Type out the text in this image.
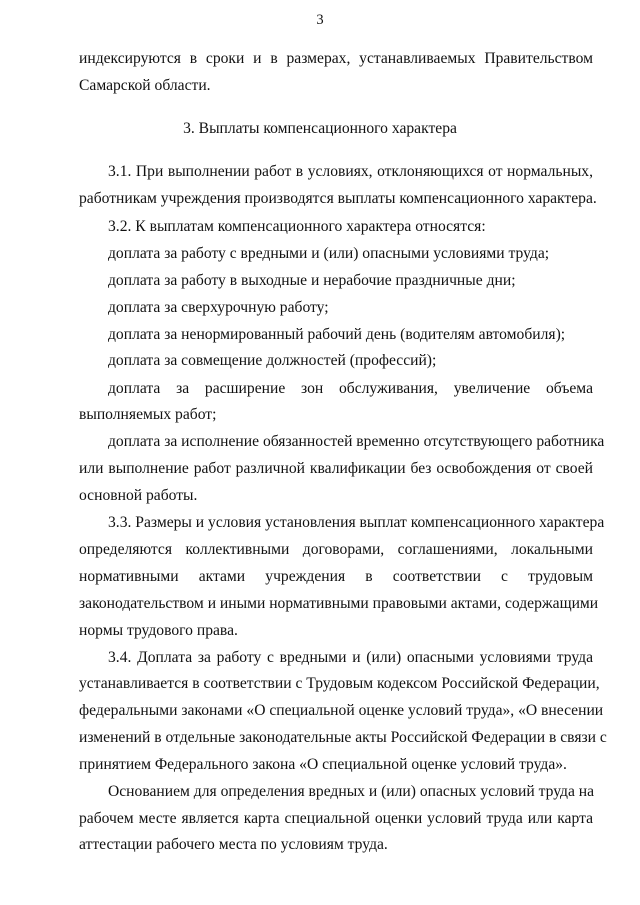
3
индексируются в сроки и в размерах, устанавливаемых Правительством
Самарской области.
3. Выплаты компенсационного характера
3.1. При выполнении работ в условиях, отклоняющихся от нормальных,
работникам учреждения производятся выплаты компенсационного характера.
3.2. К выплатам компенсационного характера относятся:
доплата за работу с вредными и (или) опасными условиями труда;
доплата за работу в выходные и нерабочие праздничные дни;
доплата за сверхурочную работу;
доплата за ненормированный рабочий день (водителям автомобиля);
доплата за совмещение должностей (профессий);
доплата за расширение зон обслуживания, увеличение объема
выполняемых работ;
доплата за исполнение обязанностей временно отсутствующего работника
или выполнение работ различной квалификации без освобождения от своей
основной работы.
3.3. Размеры и условия установления выплат компенсационного характера
определяются коллективными договорами, соглашениями, локальными
нормативными актами учреждения в соответствии с трудовым
законодательством и иными нормативными правовыми актами, содержащими
нормы трудового права.
3.4. Доплата за работу с вредными и (или) опасными условиями труда
устанавливается в соответствии с Трудовым кодексом Российской Федерации,
федеральными законами «О специальной оценке условий труда», «О внесении
изменений в отдельные законодательные акты Российской Федерации в связи с
принятием Федерального закона «О специальной оценке условий труда».
Основанием для определения вредных и (или) опасных условий труда на
рабочем месте является карта специальной оценки условий труда или карта
аттестации рабочего места по условиям труда.
